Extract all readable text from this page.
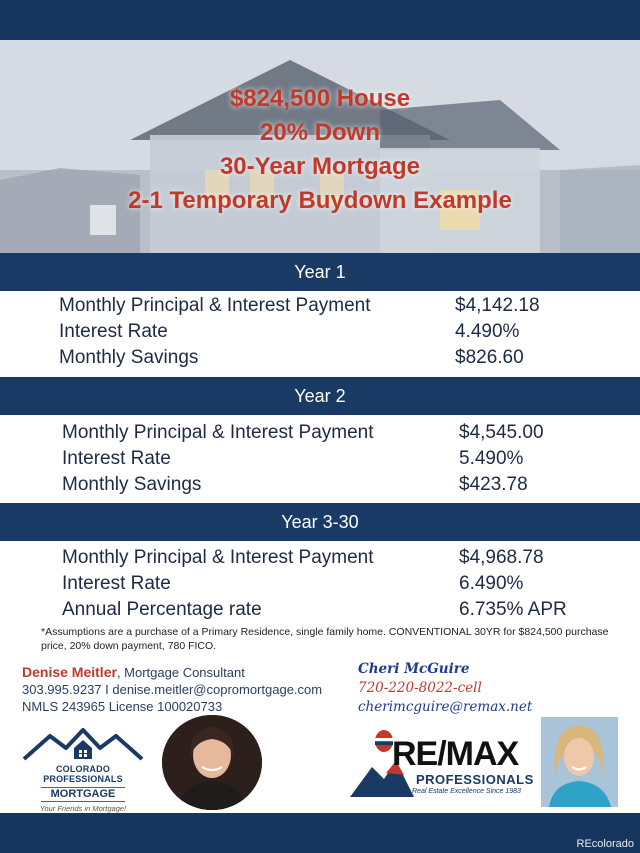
$824,500 House
20% Down
30-Year Mortgage
2-1 Temporary Buydown Example
Year 1
Monthly Principal & Interest Payment	$4,142.18
Interest Rate	4.490%
Monthly Savings	$826.60
Year 2
Monthly Principal & Interest Payment	$4,545.00
Interest Rate	5.490%
Monthly Savings	$423.78
Year 3-30
Monthly Principal & Interest Payment	$4,968.78
Interest Rate	6.490%
Annual Percentage rate	6.735% APR
*Assumptions are a purchase of a Primary Residence, single family home. CONVENTIONAL 30YR for $824,500 purchase price, 20% down payment, 780 FICO.
Denise Meitler, Mortgage Consultant
303.995.9237 I denise.meitler@copromortgage.com
NMLS 243965 License 100020733
Cheri McGuire
720-220-8022-cell
cherimcguire@remax.net
COLORADO PROFESSIONALS
MORTGAGE
Your Friends in Mortgage!
RE/MAX
PROFESSIONALS
Real Estate Excellence Since 1983
REcolorado
